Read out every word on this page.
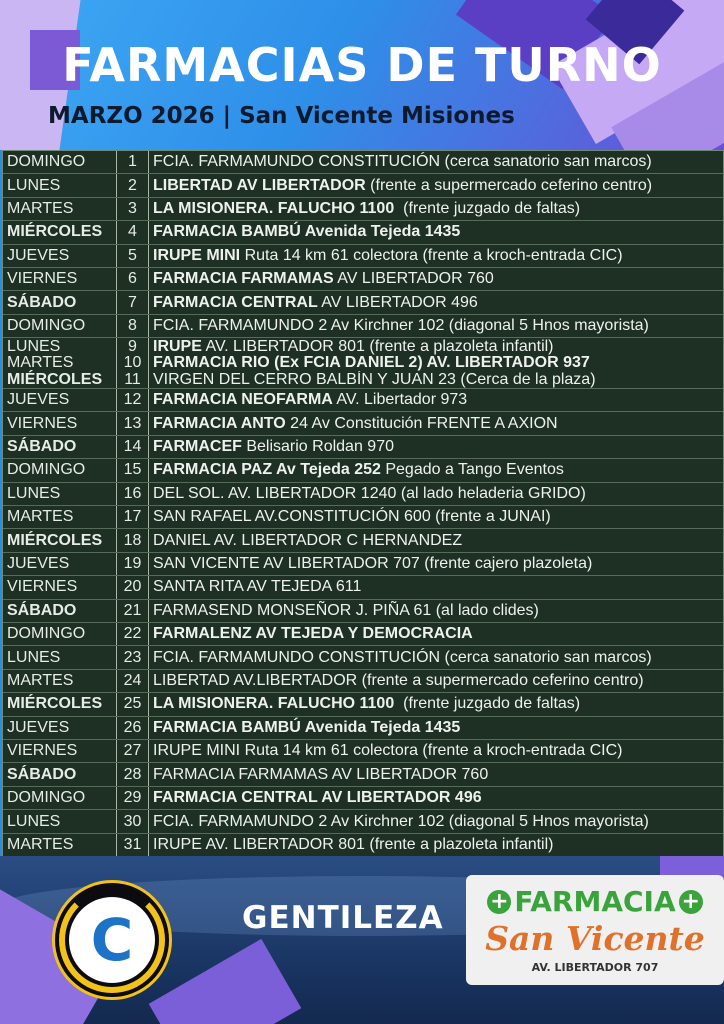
FARMACIAS DE TURNO
MARZO 2026 | San Vicente Misiones
DOMINGO	1	FCIA. FARMAMUNDO CONSTITUCIÓN (cerca sanatorio san marcos)
LUNES	2	LIBERTAD AV LIBERTADOR (frente a supermercado ceferino centro)
MARTES	3	LA MISIONERA. FALUCHO 1100 (frente juzgado de faltas)
MIÉRCOLES	4	FARMACIA BAMBÚ Avenida Tejeda 1435
JUEVES	5	IRUPE MINI Ruta 14 km 61 colectora (frente a kroch-entrada CIC)
VIERNES	6	FARMACIA FARMAMAS AV LIBERTADOR 760
SÁBADO	7	FARMACIA CENTRAL AV LIBERTADOR 496
DOMINGO	8	FCIA. FARMAMUNDO 2 Av Kirchner 102 (diagonal 5 Hnos mayorista)
LUNES	9	IRUPE AV. LIBERTADOR 801 (frente a plazoleta infantil)
MARTES	10 FARMACIA RÍO (Ex FCIA DANIEL 2) AV. LIBERTADOR 937
MIÉRCOLES	11 VIRGEN DEL CERRO BALBÍN Y JUAN 23 (Cerca de la plaza)
JUEVES	12 FARMACIA NEOFARMA AV. Libertador 973
VIERNES	13 FARMACIA ANTO 24 Av Constitución FRENTE A AXION
SÁBADO	14 FARMACEF Belisario Roldan 970
DOMINGO	15 FARMACIA PAZ Av Tejeda 252 Pegado a Tango Eventos
LUNES	16 DEL SOL. AV. LIBERTADOR 1240 (al lado heladeria GRIDO)
MARTES	17 SAN RAFAEL AV.CONSTITUCIÓN 600 (frente a JUNAI)
MIÉRCOLES	18 DANIEL AV. LIBERTADOR C HERNANDEZ
JUEVES	19 SAN VICENTE AV LIBERTADOR 707 (frente cajero plazoleta)
VIERNES	20 SANTA RITA AV TEJEDA 611
SÁBADO	21 FARMASEND MONSEÑOR J. PIÑA 61 (al lado clides)
DOMINGO	22 FARMALENZ AV TEJEDA Y DEMOCRACIA
LUNES	23 FCIA. FARMAMUNDO CONSTITUCIÓN (cerca sanatorio san marcos)
MARTES	24 LIBERTAD AV.LIBERTADOR (frente a supermercado ceferino centro)
MIÉRCOLES	25 LA MISIONERA. FALUCHO 1100 (frente juzgado de faltas)
JUEVES	26 FARMACIA BAMBÚ Avenida Tejeda 1435
VIERNES	27 IRUPE MINI Ruta 14 km 61 colectora (frente a kroch-entrada CIC)
SÁBADO	28 FARMACIA FARMAMAS AV LIBERTADOR 760
DOMINGO	29 FARMACIA CENTRAL AV LIBERTADOR 496
LUNES	30 FCIA. FARMAMUNDO 2 Av Kirchner 102 (diagonal 5 Hnos mayorista)
MARTES	31 IRUPE AV. LIBERTADOR 801 (frente a plazoleta infantil)
C	GENTILEZA	+ FARMACIA +
San Vicente
AV. LIBERTADOR 707
